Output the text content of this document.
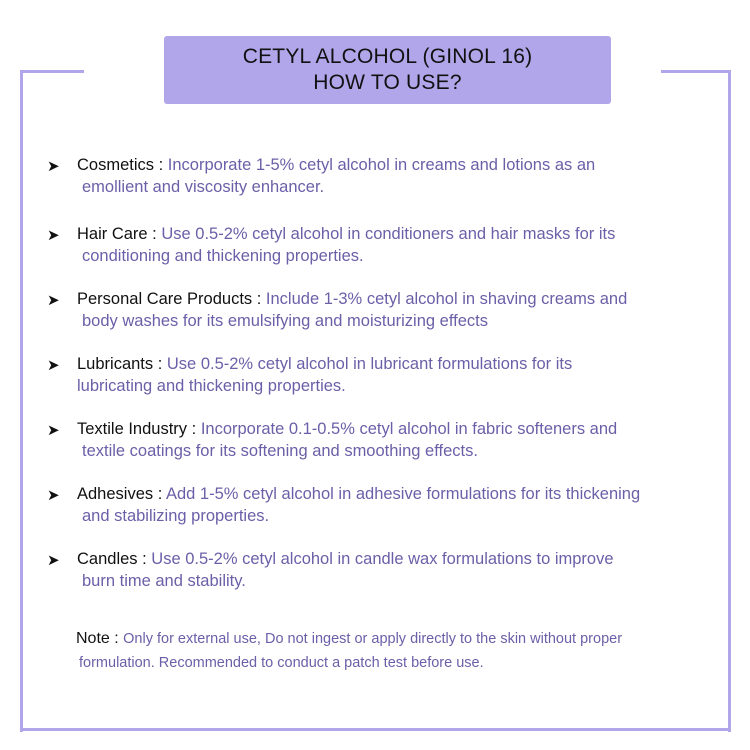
CETYL ALCOHOL (GINOL 16)
HOW TO USE?
➤ Cosmetics : Incorporate 1-5% cetyl alcohol in creams and lotions as an
emollient and viscosity enhancer.
➤ Hair Care : Use 0.5-2% cetyl alcohol in conditioners and hair masks for its
conditioning and thickening properties.
➤ Personal Care Products : Include 1-3% cetyl alcohol in shaving creams and
body washes for its emulsifying and moisturizing effects
➤ Lubricants : Use 0.5-2% cetyl alcohol in lubricant formulations for its
lubricating and thickening properties.
➤ Textile Industry : Incorporate 0.1-0.5% cetyl alcohol in fabric softeners and
textile coatings for its softening and smoothing effects.
➤ Adhesives : Add 1-5% cetyl alcohol in adhesive formulations for its thickening
and stabilizing properties.
➤ Candles : Use 0.5-2% cetyl alcohol in candle wax formulations to improve
burn time and stability.
Note : Only for external use, Do not ingest or apply directly to the skin without proper
formulation. Recommended to conduct a patch test before use.
